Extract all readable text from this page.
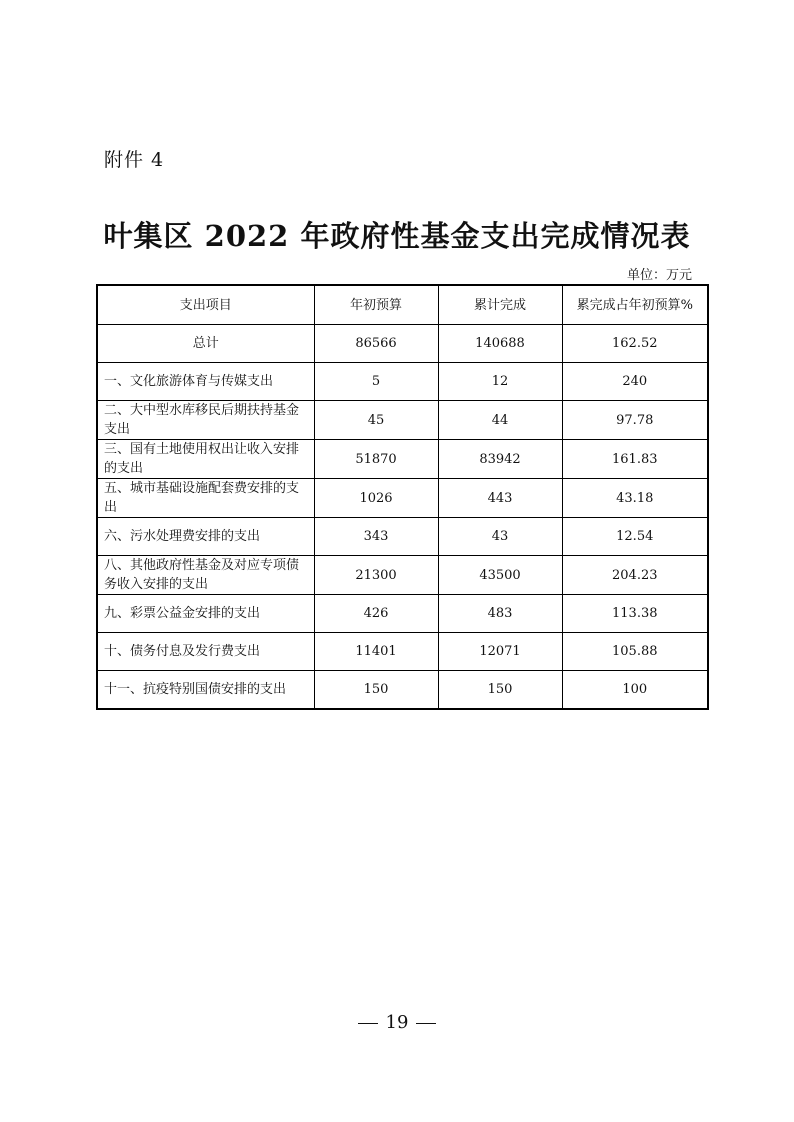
附件 4
叶集区 2022 年政府性基金支出完成情况表
单位：万元
支出项目	年初预算	累计完成	累完成占年初预算%
总计	86566	140688	162.52
一、文化旅游体育与传媒支出	5	12	240
二、大中型水库移民后期扶持基金支出	45	44	97.78
三、国有土地使用权出让收入安排的支出	51870	83942	161.83
五、城市基础设施配套费安排的支出	1026	443	43.18
六、污水处理费安排的支出	343	43	12.54
八、其他政府性基金及对应专项债务收入安排的支出	21300	43500	204.23
九、彩票公益金安排的支出	426	483	113.38
十、债务付息及发行费支出	11401	12071	105.88
十一、抗疫特别国债安排的支出	150	150	100
19
